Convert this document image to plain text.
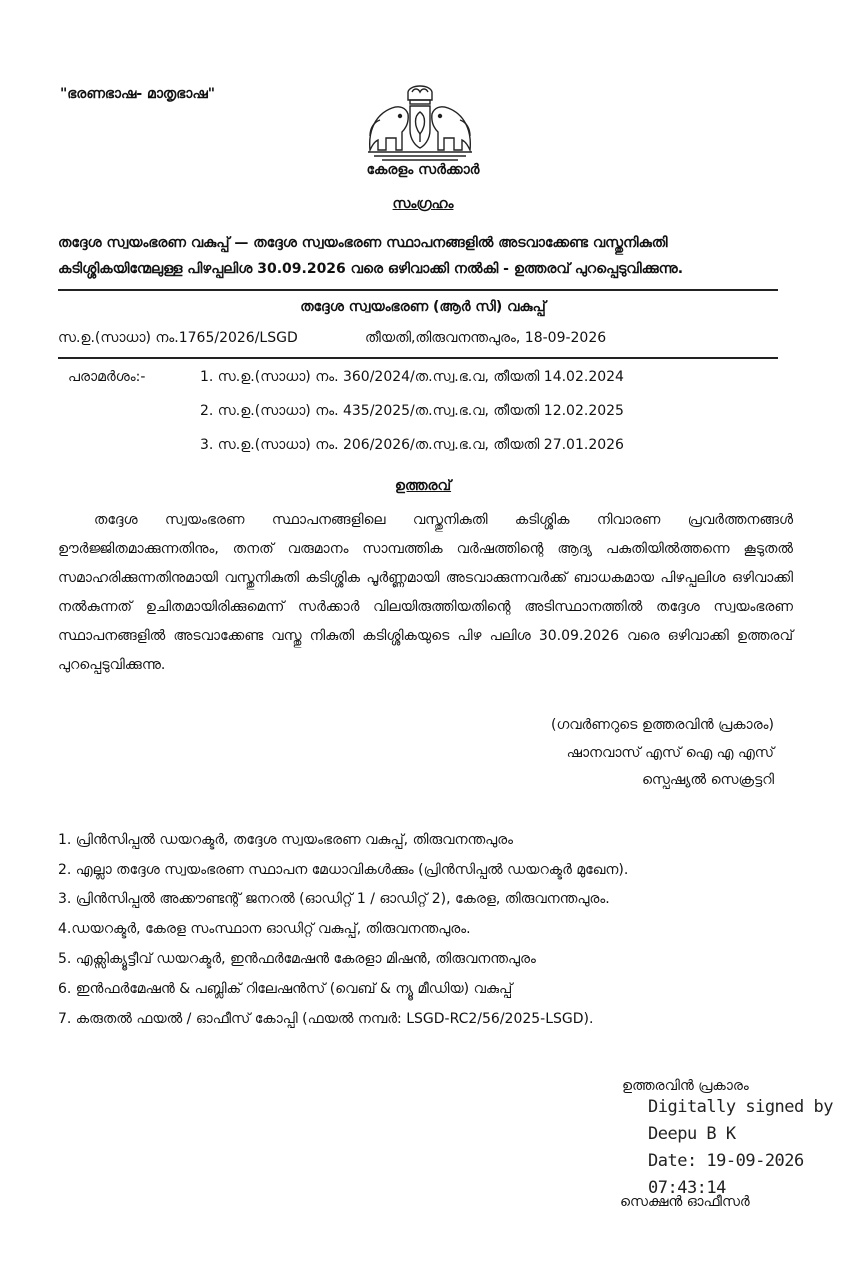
"ഭരണഭാഷ- മാതൃഭാഷ"
കേരളം സർക്കാർ
സംഗ്രഹം
തദ്ദേശ സ്വയംഭരണ വകുപ്പ് — തദ്ദേശ സ്വയംഭരണ സ്ഥാപനങ്ങളിൽ അടവാക്കേണ്ട വസ്തുനികുതി
കടിശ്ശികയിന്മേലുള്ള പിഴപ്പലിശ 30.09.2026 വരെ ഒഴിവാക്കി നൽകി - ഉത്തരവ് പുറപ്പെടുവിക്കുന്നു.
തദ്ദേശ സ്വയംഭരണ (ആർ സി) വകുപ്പ്
സ.ഉ.(സാധാ) നം.1765/2026/LSGD	തീയതി,തിരുവനന്തപുരം, 18-09-2026
പരാമർശം:-	1. സ.ഉ.(സാധാ) നം. 360/2024/ത.സ്വ.ഭ.വ, തീയതി 14.02.2024
2. സ.ഉ.(സാധാ) നം. 435/2025/ത.സ്വ.ഭ.വ, തീയതി 12.02.2025
3. സ.ഉ.(സാധാ) നം. 206/2026/ത.സ്വ.ഭ.വ, തീയതി 27.01.2026
ഉത്തരവ്
തദ്ദേശ സ്വയംഭരണ സ്ഥാപനങ്ങളിലെ വസ്തുനികുതി കടിശ്ശിക നിവാരണ പ്രവർത്തനങ്ങൾ ഊർജ്ജിതമാക്കുന്നതിനും, തനത് വരുമാനം സാമ്പത്തിക വർഷത്തിന്റെ ആദ്യ പകുതിയിൽത്തന്നെ കൂടുതൽ സമാഹരിക്കുന്നതിനുമായി വസ്തുനികുതി കടിശ്ശിക പൂർണ്ണമായി അടവാക്കുന്നവർക്ക് ബാധകമായ പിഴപ്പലിശ ഒഴിവാക്കി നൽകുന്നത് ഉചിതമായിരിക്കുമെന്ന് സർക്കാർ വിലയിരുത്തിയതിന്റെ അടിസ്ഥാനത്തിൽ തദ്ദേശ സ്വയംഭരണ സ്ഥാപനങ്ങളിൽ അടവാക്കേണ്ട വസ്തു നികുതി കടിശ്ശികയുടെ പിഴ പലിശ 30.09.2026 വരെ ഒഴിവാക്കി ഉത്തരവ് പുറപ്പെടുവിക്കുന്നു.
(ഗവർണറുടെ ഉത്തരവിൻ പ്രകാരം)
ഷാനവാസ് എസ് ഐ എ എസ്
സ്പെഷ്യൽ സെക്രട്ടറി
1. പ്രിൻസിപ്പൽ ഡയറക്ടർ, തദ്ദേശ സ്വയംഭരണ വകുപ്പ്, തിരുവനന്തപുരം
2. എല്ലാ തദ്ദേശ സ്വയംഭരണ സ്ഥാപന മേധാവികൾക്കും (പ്രിൻസിപ്പൽ ഡയറക്ടർ മുഖേന).
3. പ്രിൻസിപ്പൽ അക്കൗണ്ടന്റ് ജനറൽ (ഓഡിറ്റ് 1 / ഓഡിറ്റ് 2), കേരള, തിരുവനന്തപുരം.
4.ഡയറക്ടർ, കേരള സംസ്ഥാന ഓഡിറ്റ് വകുപ്പ്, തിരുവനന്തപുരം.
5. എക്സിക്യൂട്ടീവ് ഡയറക്ടർ, ഇൻഫർമേഷൻ കേരളാ മിഷൻ, തിരുവനന്തപുരം
6. ഇൻഫർമേഷൻ & പബ്ലിക് റിലേഷൻസ് (വെബ് & ന്യൂ മീഡിയ) വകുപ്പ്
7. കരുതൽ ഫയൽ / ഓഫീസ് കോപ്പി (ഫയൽ നമ്പർ: LSGD-RC2/56/2025-LSGD).
ഉത്തരവിൻ പ്രകാരം
Digitally signed by
Deepu B K
Date: 19-09-2026
07:43:14
സെക്ഷൻ ഓഫീസർ
